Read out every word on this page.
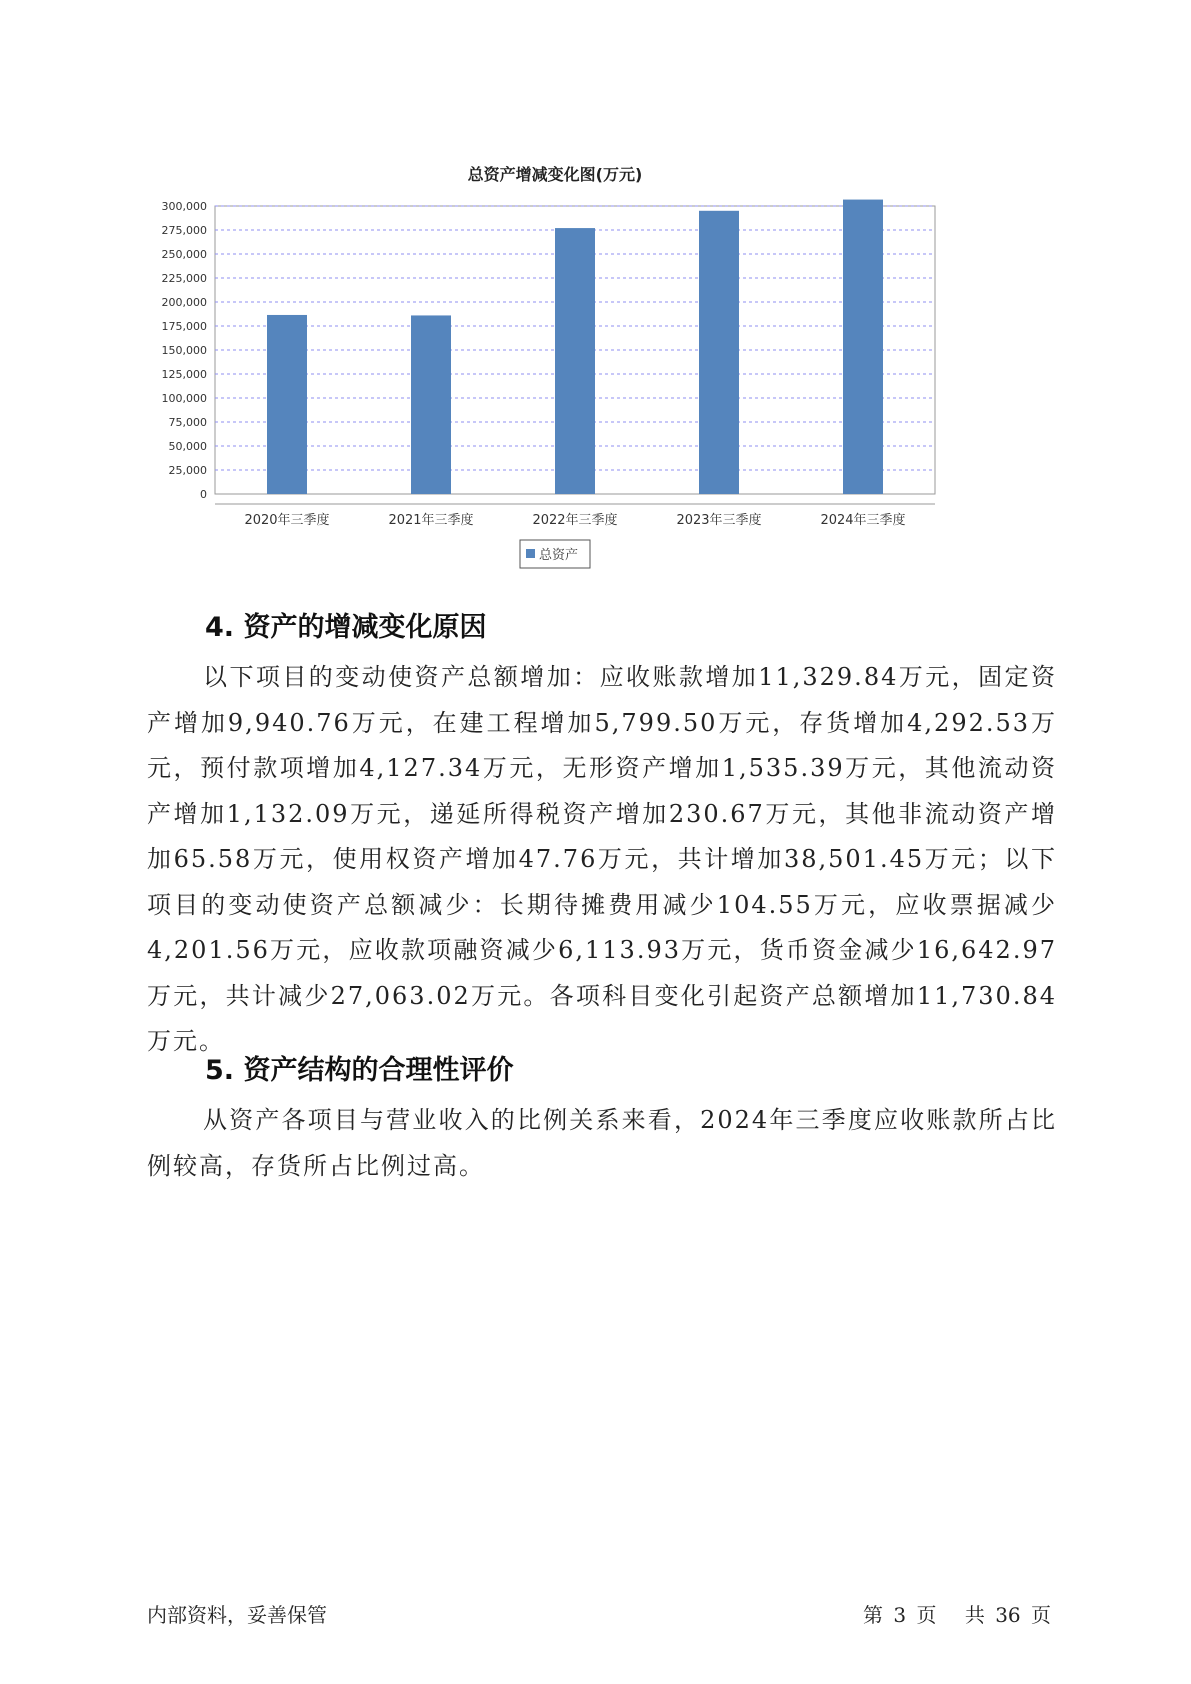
总资产增减变化图(万元)
0
25,000
50,000
75,000
100,000
125,000
150,000
175,000
200,000
225,000
250,000
275,000
300,000
2020年三季度	2021年三季度	2022年三季度	2023年三季度	2024年三季度
总资产
4. 资产的增减变化原因

以下项目的变动使资产总额增加：应收账款增加11,329.84万元，固定资产增加9,940.76万元，在建工程增加5,799.50万元，存货增加4,292.53万元，预付款项增加4,127.34万元，无形资产增加1,535.39万元，其他流动资产增加1,132.09万元，递延所得税资产增加230.67万元，其他非流动资产增加65.58万元，使用权资产增加47.76万元，共计增加38,501.45万元；以下项目的变动使资产总额减少：长期待摊费用减少104.55万元，应收票据减少4,201.56万元，应收款项融资减少6,113.93万元，货币资金减少16,642.97万元，共计减少27,063.02万元。各项科目变化引起资产总额增加11,730.84万元。

5. 资产结构的合理性评价

从资产各项目与营业收入的比例关系来看，2024年三季度应收账款所占比例较高，存货所占比例过高。

内部资料，妥善保管	第 3 页 共 36 页
